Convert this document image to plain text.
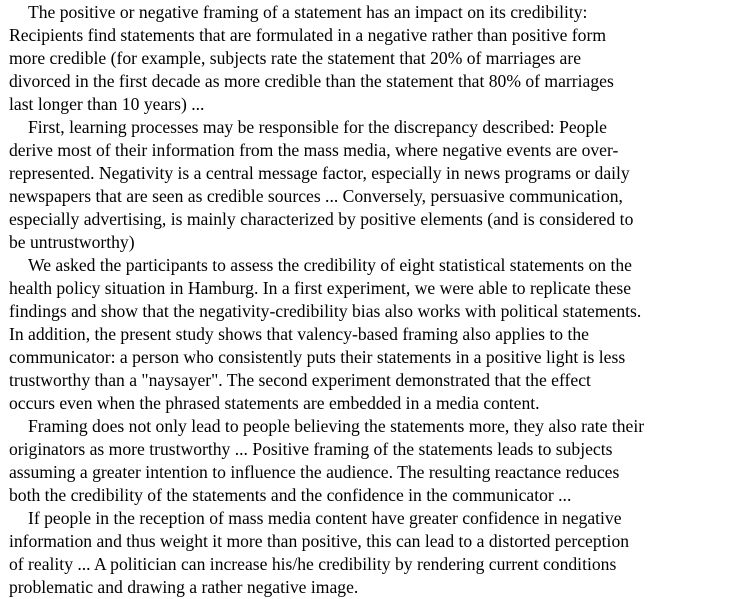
The positive or negative framing of a statement has an impact on its credibility:
Recipients find statements that are formulated in a negative rather than positive form
more credible (for example, subjects rate the statement that 20% of marriages are
divorced in the first decade as more credible than the statement that 80% of marriages
last longer than 10 years) ...

First, learning processes may be responsible for the discrepancy described: People
derive most of their information from the mass media, where negative events are over-
represented. Negativity is a central message factor, especially in news programs or daily
newspapers that are seen as credible sources ... Conversely, persuasive communication,
especially advertising, is mainly characterized by positive elements (and is considered to
be untrustworthy)

We asked the participants to assess the credibility of eight statistical statements on the
health policy situation in Hamburg. In a first experiment, we were able to replicate these
findings and show that the negativity-credibility bias also works with political statements.
In addition, the present study shows that valency-based framing also applies to the
communicator: a person who consistently puts their statements in a positive light is less
trustworthy than a "naysayer". The second experiment demonstrated that the effect
occurs even when the phrased statements are embedded in a media content.

Framing does not only lead to people believing the statements more, they also rate their
originators as more trustworthy ... Positive framing of the statements leads to subjects
assuming a greater intention to influence the audience. The resulting reactance reduces
both the credibility of the statements and the confidence in the communicator ...

If people in the reception of mass media content have greater confidence in negative
information and thus weight it more than positive, this can lead to a distorted perception
of reality ... A politician can increase his/he credibility by rendering current conditions
problematic and drawing a rather negative image.
